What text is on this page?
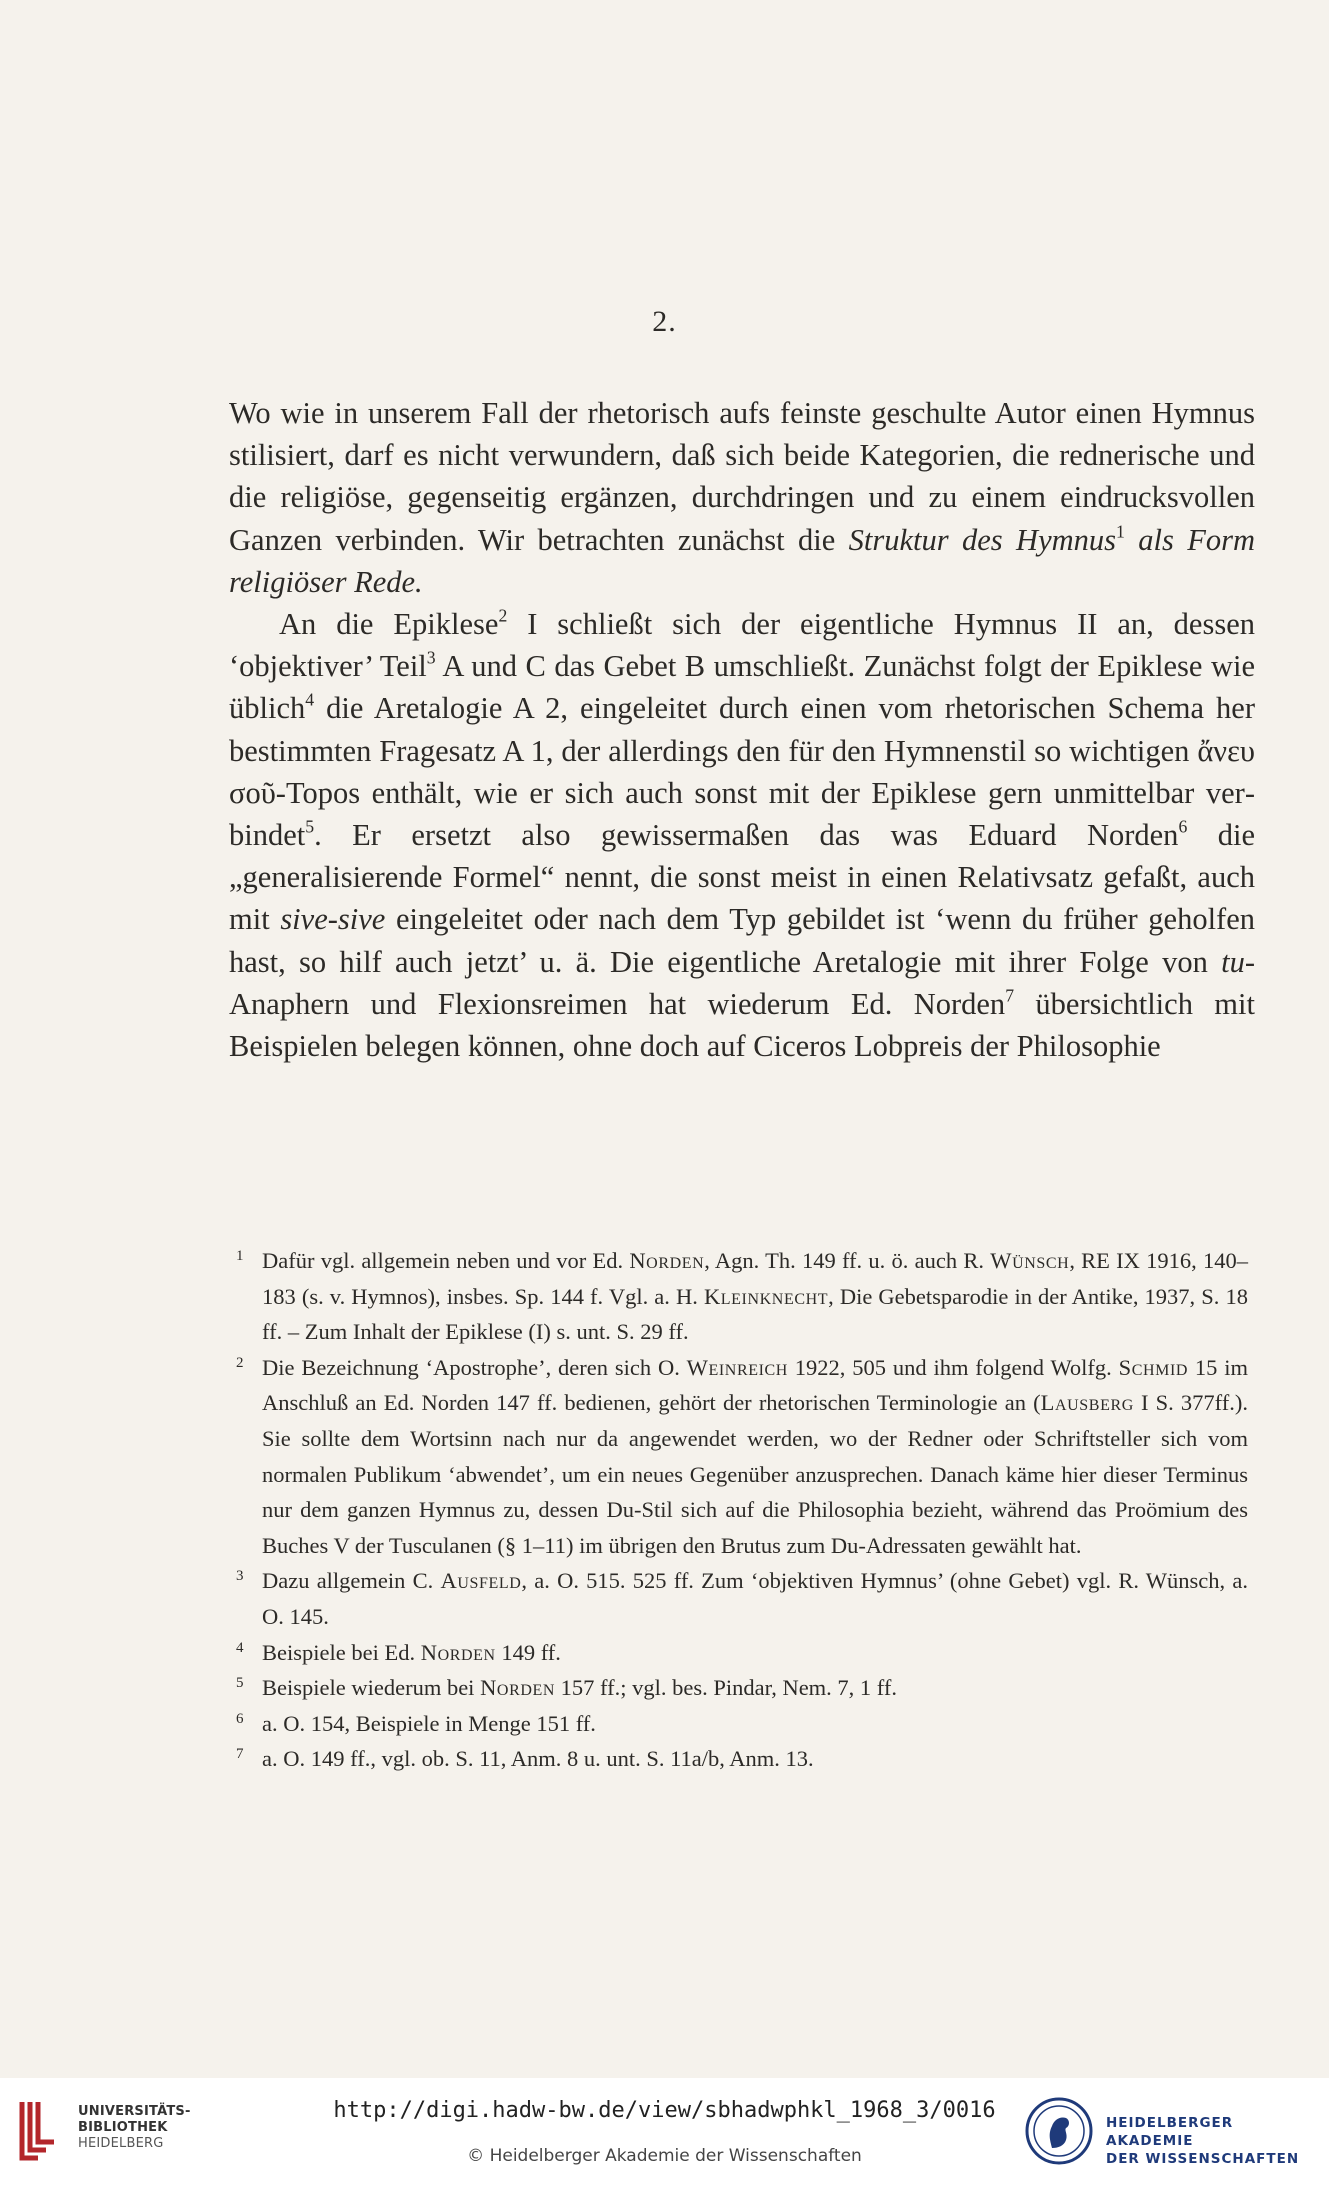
2.

Wo wie in unserem Fall der rhetorisch aufs feinste geschulte Autor einen Hymnus stilisiert, darf es nicht verwundern, daß sich beide Kategorien, die rednerische und die religiöse, gegenseitig ergänzen, durchdringen und zu einem eindrucksvollen Ganzen verbinden. Wir betrachten zunächst die Struktur des Hymnus$^1$ als Form religiöser Rede.

An die Epiklese$^2$ I schließt sich der eigentliche Hymnus II an, dessen ‘objektiver’ Teil$^3$ A und C das Gebet B umschließt. Zunächst folgt der Epiklese wie üblich$^4$ die Aretalogie A 2, eingeleitet durch einen vom rhetorischen Schema her bestimmten Fragesatz A 1, der allerdings den für den Hymnenstil so wichtigen ἄνευ σοῦ-Topos enthält, wie er sich auch sonst mit der Epiklese gern unmittelbar verbindet$^5$. Er ersetzt also gewissermaßen das was Eduard Norden$^6$ die „generalisierende Formel“ nennt, die sonst meist in einen Relativsatz gefaßt, auch mit sive-sive eingeleitet oder nach dem Typ gebildet ist ‘wenn du früher geholfen hast, so hilf auch jetzt’ u. ä. Die eigentliche Aretalogie mit ihrer Folge von tu-Anaphern und Flexionsreimen hat wiederum Ed. Norden$^7$ übersichtlich mit Beispielen belegen können, ohne doch auf Ciceros Lobpreis der Philosophie

1 Dafür vgl. allgemein neben und vor Ed. Norden, Agn. Th. 149 ff. u. ö. auch R. Wünsch, RE IX 1916, 140–183 (s. v. Hymnos), insbes. Sp. 144 f. Vgl. a. H. Kleinknecht, Die Gebetsparodie in der Antike, 1937, S. 18 ff. – Zum Inhalt der Epiklese (I) s. unt. S. 29 ff.
2 Die Bezeichnung ‘Apostrophe’, deren sich O. Weinreich 1922, 505 und ihm folgend Wolfg. Schmid 15 im Anschluß an Ed. Norden 147 ff. bedienen, gehört der rhetorischen Terminologie an (Lausberg I S. 377ff.). Sie sollte dem Wortsinn nach nur da angewendet werden, wo der Redner oder Schriftsteller sich vom normalen Publikum ‘abwendet’, um ein neues Gegenüber anzusprechen. Danach käme hier dieser Terminus nur dem ganzen Hymnus zu, dessen Du-Stil sich auf die Philosophia bezieht, während das Proömium des Buches V der Tusculanen (§ 1–11) im übrigen den Brutus zum Du-Adressaten gewählt hat.
3 Dazu allgemein C. Ausfeld, a. O. 515. 525 ff. Zum ‘objektiven Hymnus’ (ohne Gebet) vgl. R. Wünsch, a. O. 145.
4 Beispiele bei Ed. Norden 149 ff.
5 Beispiele wiederum bei Norden 157 ff.; vgl. bes. Pindar, Nem. 7, 1 ff.
6 a. O. 154, Beispiele in Menge 151 ff.
7 a. O. 149 ff., vgl. ob. S. 11, Anm. 8 u. unt. S. 11a/b, Anm. 13.
UNIVERSITÄTS-
BIBLIOTHEK
HEIDELBERG
http://digi.hadw-bw.de/view/sbhadwphkl_1968_3/0016
© Heidelberger Akademie der Wissenschaften
HEIDELBERGER AKADEMIE
DER WISSENSCHAFTEN
